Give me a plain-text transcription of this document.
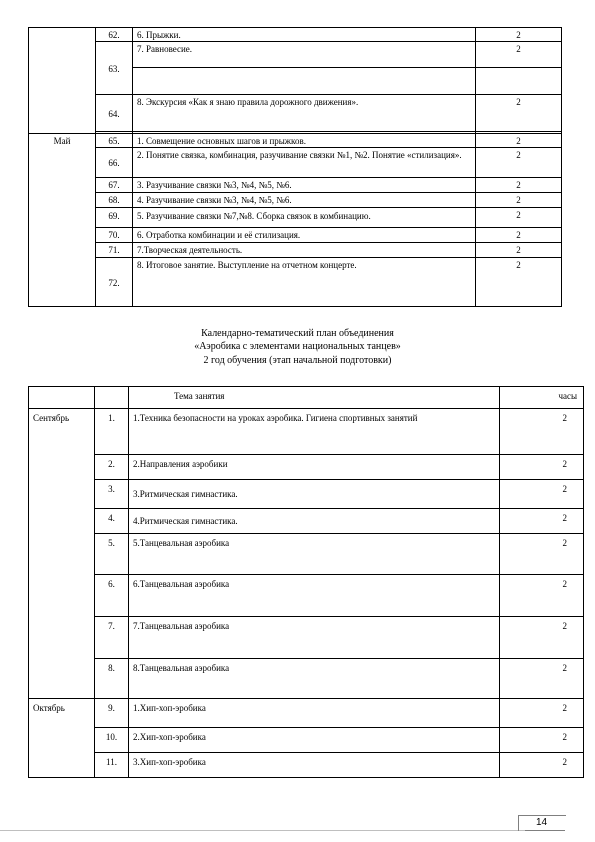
	62.	6. Прыжки.	2
	63.	7. Равновесие.	2

	64.	8. Экскурсия «Как я знаю правила дорожного движения».	2

Май	65.	1. Совмещение основных шагов и прыжков.	2
	66.	2. Понятие связка, комбинация, разучивание связки №1, №2. Понятие «стилизация».	2
	67.	3. Разучивание связки №3, №4, №5, №6.	2
	68.	4. Разучивание связки №3, №4, №5, №6.	2
	69.	5. Разучивание связки №7,№8. Сборка связок в комбинацию.	2
	70.	6. Отработка комбинации и её стилизация.	2
	71.	7.Творческая деятельность.	2
	72.	8. Итоговое занятие. Выступление на отчетном концерте.	2
Календарно-тематический план объединения
«Аэробика с элементами национальных танцев»
2 год обучения (этап начальной подготовки)
		Тема занятия	часы
Сентябрь	1.	1.Техника безопасности на уроках аэробика. Гигиена спортивных занятий	2
	2.	2.Направления аэробики	2
	3.	3.Ритмическая гимнастика.	2
	4.	4.Ритмическая гимнастика.	2
	5.	5.Танцевальная аэробика	2
	6.	6.Танцевальная аэробика	2
	7.	7.Танцевальная аэробика	2
	8.	8.Танцевальная аэробика	2
Октябрь	9.	1.Хип-хоп-эробика	2
	10.	2.Хип-хоп-эробика	2
	11.	3.Хип-хоп-эробика	2
14
